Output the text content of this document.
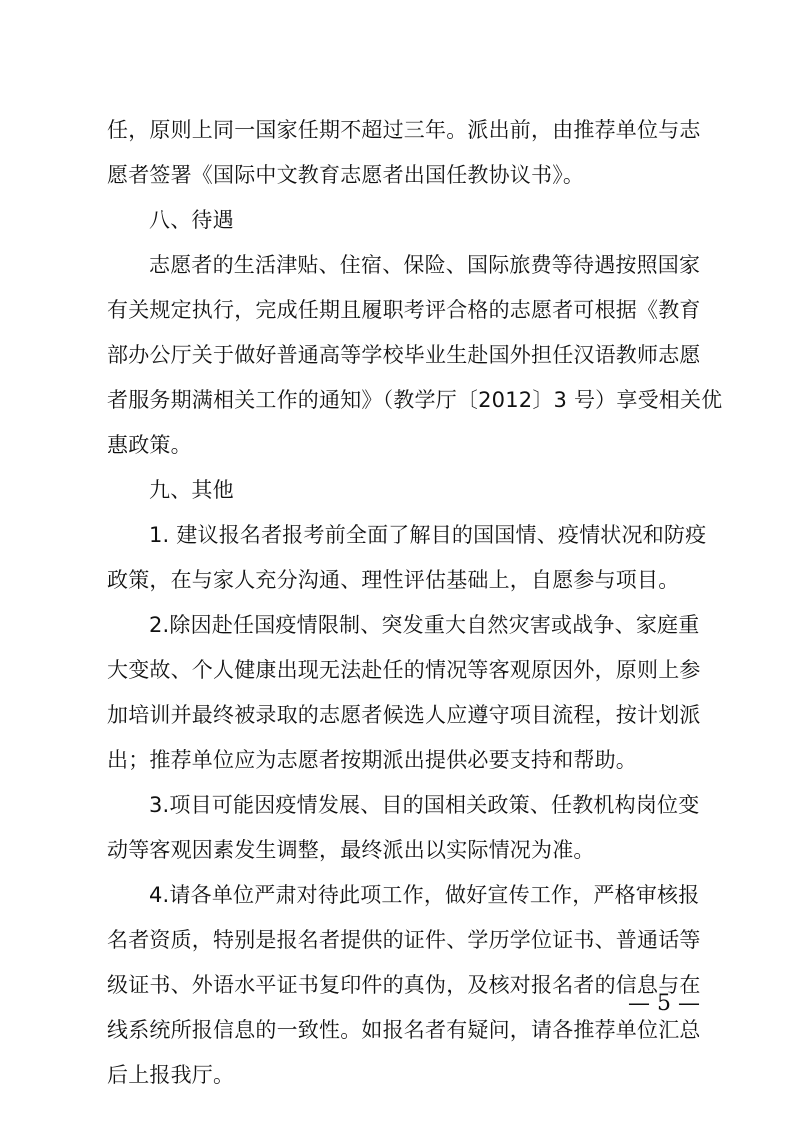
任，原则上同一国家任期不超过三年。派出前，由推荐单位与志
愿者签署《国际中文教育志愿者出国任教协议书》。
八、待遇
志愿者的生活津贴、住宿、保险、国际旅费等待遇按照国家
有关规定执行，完成任期且履职考评合格的志愿者可根据《教育
部办公厅关于做好普通高等学校毕业生赴国外担任汉语教师志愿
者服务期满相关工作的通知》（教学厅〔2012〕3 号）享受相关优
惠政策。
九、其他
1. 建议报名者报考前全面了解目的国国情、疫情状况和防疫
政策，在与家人充分沟通、理性评估基础上，自愿参与项目。
2.除因赴任国疫情限制、突发重大自然灾害或战争、家庭重
大变故、个人健康出现无法赴任的情况等客观原因外，原则上参
加培训并最终被录取的志愿者候选人应遵守项目流程，按计划派
出；推荐单位应为志愿者按期派出提供必要支持和帮助。
3.项目可能因疫情发展、目的国相关政策、任教机构岗位变
动等客观因素发生调整，最终派出以实际情况为准。
4.请各单位严肃对待此项工作，做好宣传工作，严格审核报
名者资质，特别是报名者提供的证件、学历学位证书、普通话等
级证书、外语水平证书复印件的真伪，及核对报名者的信息与在
线系统所报信息的一致性。如报名者有疑问，请各推荐单位汇总
后上报我厅。
— 5 —
